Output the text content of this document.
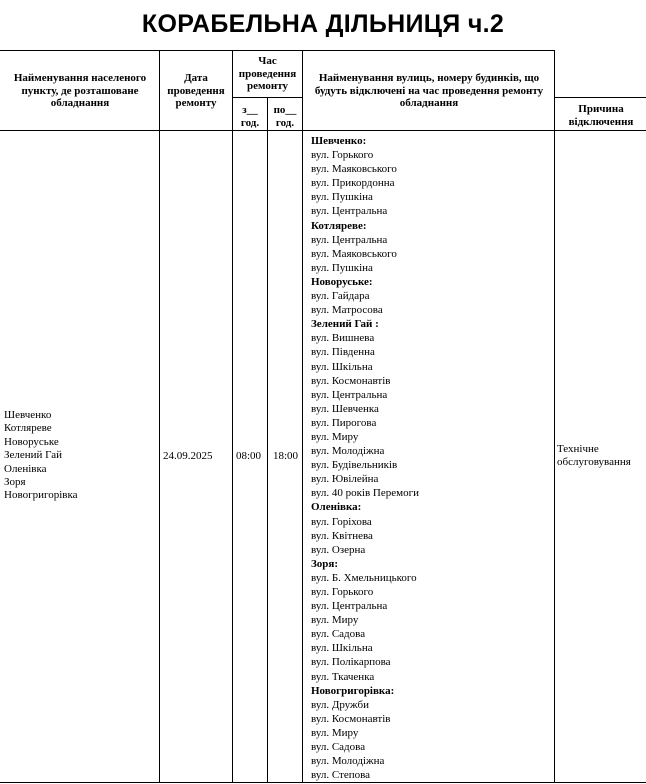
КОРАБЕЛЬНА ДІЛЬНИЦЯ ч.2
Найменування населеного пункту, де розташоване обладнання
Дата проведення ремонту
Час проведення ремонту
з__ год.
по__ год.
Найменування вулиць, номеру будинків, що будуть відключені на час проведення ремонту обладнання	Причина відключення
Шевченко
Котляреве
Новоруське
Зелений Гай
Оленівка
Зоря
Новогригорівка
24.09.2025 08:00 18:00
Технічне обслуговування
Шевченко:
вул. Горького
вул. Маяковського
вул. Прикордонна
вул. Пушкіна
вул. Центральна
Котляреве:
вул. Центральна
вул. Маяковського
вул. Пушкіна
Новоруське:
вул. Гайдара
вул. Матросова
Зелений Гай :
вул. Вишнева
вул. Південна
вул. Шкільна
вул. Космонавтів
вул. Центральна
вул. Шевченка
вул. Пирогова
вул. Миру
вул. Молодіжна
вул. Будівельників
вул. Ювілейна
вул. 40 років Перемоги
Оленівка:
вул. Горіхова
вул. Квітнева
вул. Озерна
Зоря:
вул. Б. Хмельницького
вул. Горького
вул. Центральна
вул. Миру
вул. Садова
вул. Шкільна
вул. Полікарпова
вул. Ткаченка
Новогригорівка:
вул. Дружби
вул. Космонавтів
вул. Миру
вул. Садова
вул. Молодіжна
вул. Степова
